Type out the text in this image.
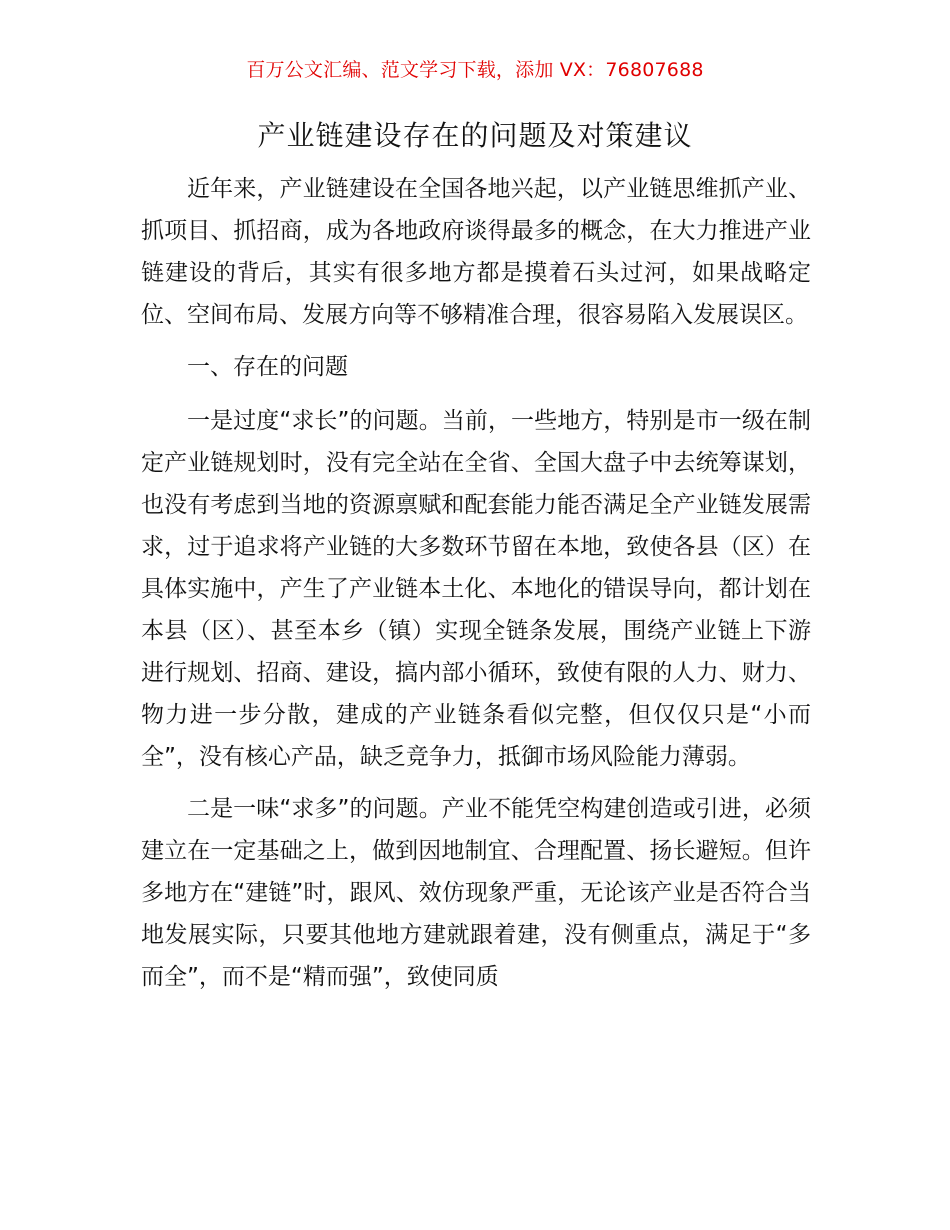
百万公文汇编、范文学习下载，添加 VX：76807688
产业链建设存在的问题及对策建议

近年来，产业链建设在全国各地兴起，以产业链思维抓产业、抓项目、抓招商，成为各地政府谈得最多的概念，在大力推进产业链建设的背后，其实有很多地方都是摸着石头过河，如果战略定位、空间布局、发展方向等不够精准合理，很容易陷入发展误区。

一、存在的问题

一是过度“求长”的问题。当前，一些地方，特别是市一级在制定产业链规划时，没有完全站在全省、全国大盘子中去统筹谋划，也没有考虑到当地的资源禀赋和配套能力能否满足全产业链发展需求，过于追求将产业链的大多数环节留在本地，致使各县（区）在具体实施中，产生了产业链本土化、本地化的错误导向，都计划在本县（区）、甚至本乡（镇）实现全链条发展，围绕产业链上下游进行规划、招商、建设，搞内部小循环，致使有限的人力、财力、物力进一步分散，建成的产业链条看似完整，但仅仅只是“小而全”，没有核心产品，缺乏竞争力，抵御市场风险能力薄弱。

二是一味“求多”的问题。产业不能凭空构建创造或引进，必须建立在一定基础之上，做到因地制宜、合理配置、扬长避短。但许多地方在“建链”时，跟风、效仿现象严重，无论该产业是否符合当地发展实际，只要其他地方建就跟着建，没有侧重点，满足于“多而全”，而不是“精而强”，致使同质
